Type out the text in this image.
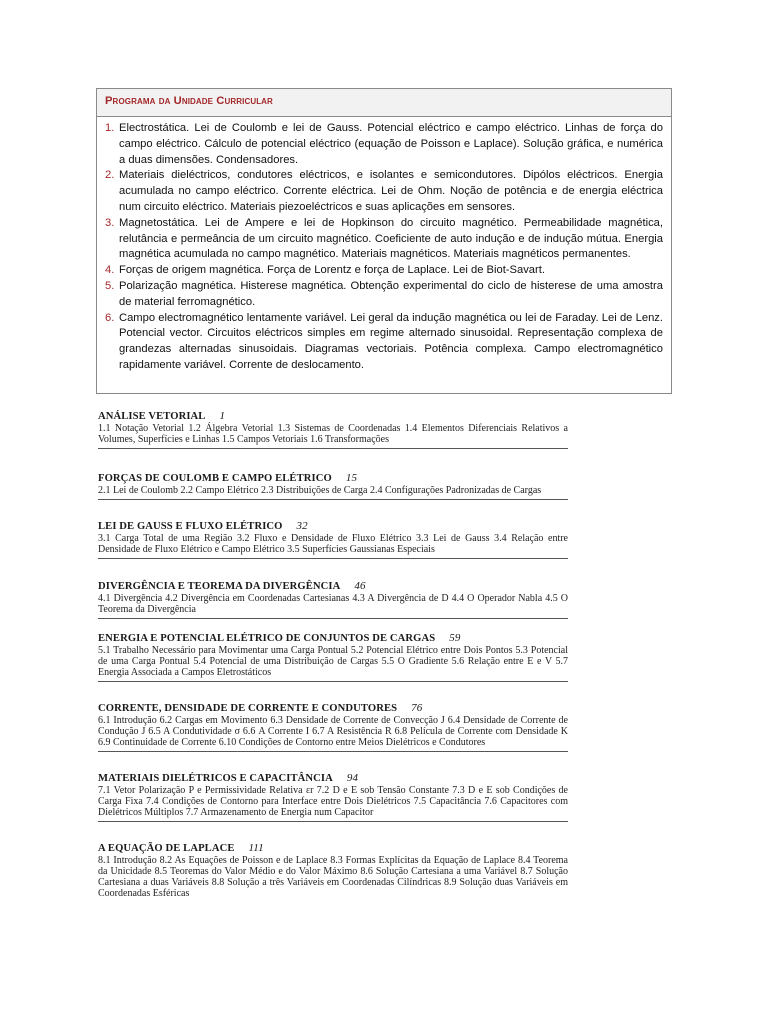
Programa da Unidade Curricular
1. Electrostática. Lei de Coulomb e lei de Gauss. Potencial eléctrico e campo eléctrico. Linhas de força do campo eléctrico. Cálculo de potencial eléctrico (equação de Poisson e Laplace). Solução gráfica, e numérica a duas dimensões. Condensadores.
2. Materiais dieléctricos, condutores eléctricos, e isolantes e semicondutores. Dipólos eléctricos. Energia acumulada no campo eléctrico. Corrente eléctrica. Lei de Ohm. Noção de potência e de energia eléctrica num circuito eléctrico. Materiais piezoeléctricos e suas aplicações em sensores.
3. Magnetostática. Lei de Ampere e lei de Hopkinson do circuito magnético. Permeabilidade magnética, relutância e permeância de um circuito magnético. Coeficiente de auto indução e de indução mútua. Energia magnética acumulada no campo magnético. Materiais magnéticos. Materiais magnéticos permanentes.
4. Forças de origem magnética. Força de Lorentz e força de Laplace. Lei de Biot-Savart.
5. Polarização magnética. Histerese magnética. Obtenção experimental do ciclo de histerese de uma amostra de material ferromagnético.
6. Campo electromagnético lentamente variável. Lei geral da indução magnética ou lei de Faraday. Lei de Lenz. Potencial vector. Circuitos eléctricos simples em regime alternado sinusoidal. Representação complexa de grandezas alternadas sinusoidais. Diagramas vectoriais. Potência complexa. Campo electromagnético rapidamente variável. Corrente de deslocamento.
ANÁLISE VETORIAL 1
1.1 Notação Vetorial 1.2 Álgebra Vetorial 1.3 Sistemas de Coordenadas 1.4 Elementos Diferenciais Relativos a Volumes, Superfícies e Linhas 1.5 Campos Vetoriais 1.6 Transformações
FORÇAS DE COULOMB E CAMPO ELÉTRICO 15
2.1 Lei de Coulomb 2.2 Campo Elétrico 2.3 Distribuições de Carga 2.4 Configurações Padronizadas de Cargas
LEI DE GAUSS E FLUXO ELÉTRICO 32
3.1 Carga Total de uma Região 3.2 Fluxo e Densidade de Fluxo Elétrico 3.3 Lei de Gauss 3.4 Relação entre Densidade de Fluxo Elétrico e Campo Elétrico 3.5 Superfícies Gaussianas Especiais
DIVERGÊNCIA E TEOREMA DA DIVERGÊNCIA 46
4.1 Divergência 4.2 Divergência em Coordenadas Cartesianas 4.3 A Divergência de D 4.4 O Operador Nabla 4.5 O Teorema da Divergência
ENERGIA E POTENCIAL ELÉTRICO DE CONJUNTOS DE CARGAS 59
5.1 Trabalho Necessário para Movimentar uma Carga Pontual 5.2 Potencial Elétrico entre Dois Pontos 5.3 Potencial de uma Carga Pontual 5.4 Potencial de uma Distribuição de Cargas 5.5 O Gradiente 5.6 Relação entre E e V 5.7 Energia Associada a Campos Eletrostáticos
CORRENTE, DENSIDADE DE CORRENTE E CONDUTORES 76
6.1 Introdução 6.2 Cargas em Movimento 6.3 Densidade de Corrente de Convecção J 6.4 Densidade de Corrente de Condução J 6.5 A Condutividade σ 6.6 A Corrente I 6.7 A Resistência R 6.8 Película de Corrente com Densidade K 6.9 Continuidade de Corrente 6.10 Condições de Contorno entre Meios Dielétricos e Condutores
MATERIAIS DIELÉTRICOS E CAPACITÂNCIA 94
7.1 Vetor Polarização P e Permissividade Relativa εr 7.2 D e E sob Tensão Constante 7.3 D e E sob Condições de Carga Fixa 7.4 Condições de Contorno para Interface entre Dois Dielétricos 7.5 Capacitância 7.6 Capacitores com Dielétricos Múltiplos 7.7 Armazenamento de Energia num Capacitor
A EQUAÇÃO DE LAPLACE 111
8.1 Introdução 8.2 As Equações de Poisson e de Laplace 8.3 Formas Explícitas da Equação de Laplace 8.4 Teorema da Unicidade 8.5 Teoremas do Valor Médio e do Valor Máximo 8.6 Solução Cartesiana a uma Variável 8.7 Solução Cartesiana a duas Variáveis 8.8 Solução a três Variáveis em Coordenadas Cilíndricas 8.9 Solução duas Variáveis em Coordenadas Esféricas
